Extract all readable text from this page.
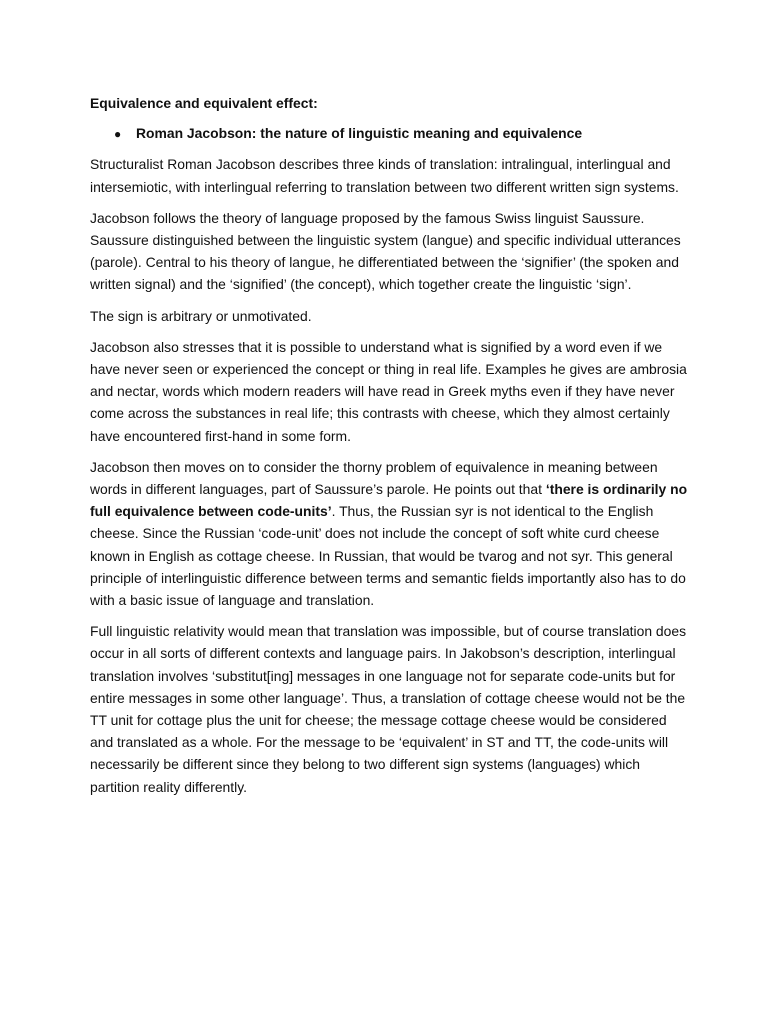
Equivalence and equivalent effect:
●	Roman Jacobson: the nature of linguistic meaning and equivalence

Structuralist Roman Jacobson describes three kinds of translation: intralingual, interlingual and intersemiotic, with interlingual referring to translation between two different written sign systems.

Jacobson follows the theory of language proposed by the famous Swiss linguist Saussure. Saussure distinguished between the linguistic system (langue) and specific individual utterances (parole). Central to his theory of langue, he differentiated between the ‘signifier’ (the spoken and written signal) and the ‘signified’ (the concept), which together create the linguistic ‘sign’.

The sign is arbitrary or unmotivated.

Jacobson also stresses that it is possible to understand what is signified by a word even if we have never seen or experienced the concept or thing in real life. Examples he gives are ambrosia and nectar, words which modern readers will have read in Greek myths even if they have never come across the substances in real life; this contrasts with cheese, which they almost certainly have encountered first-hand in some form.

Jacobson then moves on to consider the thorny problem of equivalence in meaning between words in different languages, part of Saussure’s parole. He points out that ‘there is ordinarily no full equivalence between code-units’. Thus, the Russian syr is not identical to the English cheese. Since the Russian ‘code-unit’ does not include the concept of soft white curd cheese known in English as cottage cheese. In Russian, that would be tvarog and not syr. This general principle of interlinguistic difference between terms and semantic fields importantly also has to do with a basic issue of language and translation.

Full linguistic relativity would mean that translation was impossible, but of course translation does occur in all sorts of different contexts and language pairs. In Jakobson’s description, interlingual translation involves ‘substitut[ing] messages in one language not for separate code-units but for entire messages in some other language’. Thus, a translation of cottage cheese would not be the TT unit for cottage plus the unit for cheese; the message cottage cheese would be considered and translated as a whole. For the message to be ‘equivalent’ in ST and TT, the code-units will necessarily be different since they belong to two different sign systems (languages) which partition reality differently.
